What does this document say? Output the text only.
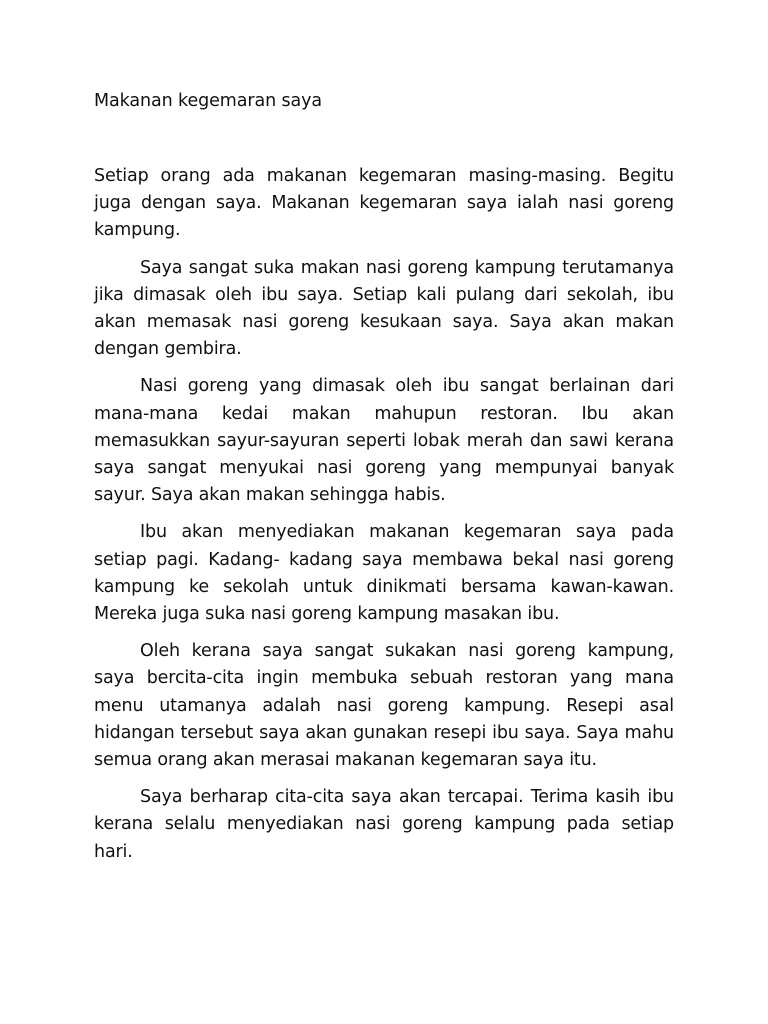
Makanan kegemaran saya

Setiap orang ada makanan kegemaran masing-masing. Begitu juga dengan saya. Makanan kegemaran saya ialah nasi goreng kampung.

Saya sangat suka makan nasi goreng kampung terutamanya jika dimasak oleh ibu saya. Setiap kali pulang dari sekolah, ibu akan memasak nasi goreng kesukaan saya. Saya akan makan dengan gembira.

Nasi goreng yang dimasak oleh ibu sangat berlainan dari mana-mana kedai makan mahupun restoran. Ibu akan memasukkan sayur-sayuran seperti lobak merah dan sawi kerana saya sangat menyukai nasi goreng yang mempunyai banyak sayur. Saya akan makan sehingga habis.

Ibu akan menyediakan makanan kegemaran saya pada setiap pagi. Kadang- kadang saya membawa bekal nasi goreng kampung ke sekolah untuk dinikmati bersama kawan-kawan. Mereka juga suka nasi goreng kampung masakan ibu.

Oleh kerana saya sangat sukakan nasi goreng kampung, saya bercita-cita ingin membuka sebuah restoran yang mana menu utamanya adalah nasi goreng kampung. Resepi asal hidangan tersebut saya akan gunakan resepi ibu saya. Saya mahu semua orang akan merasai makanan kegemaran saya itu.

Saya berharap cita-cita saya akan tercapai. Terima kasih ibu kerana selalu menyediakan nasi goreng kampung pada setiap hari.
